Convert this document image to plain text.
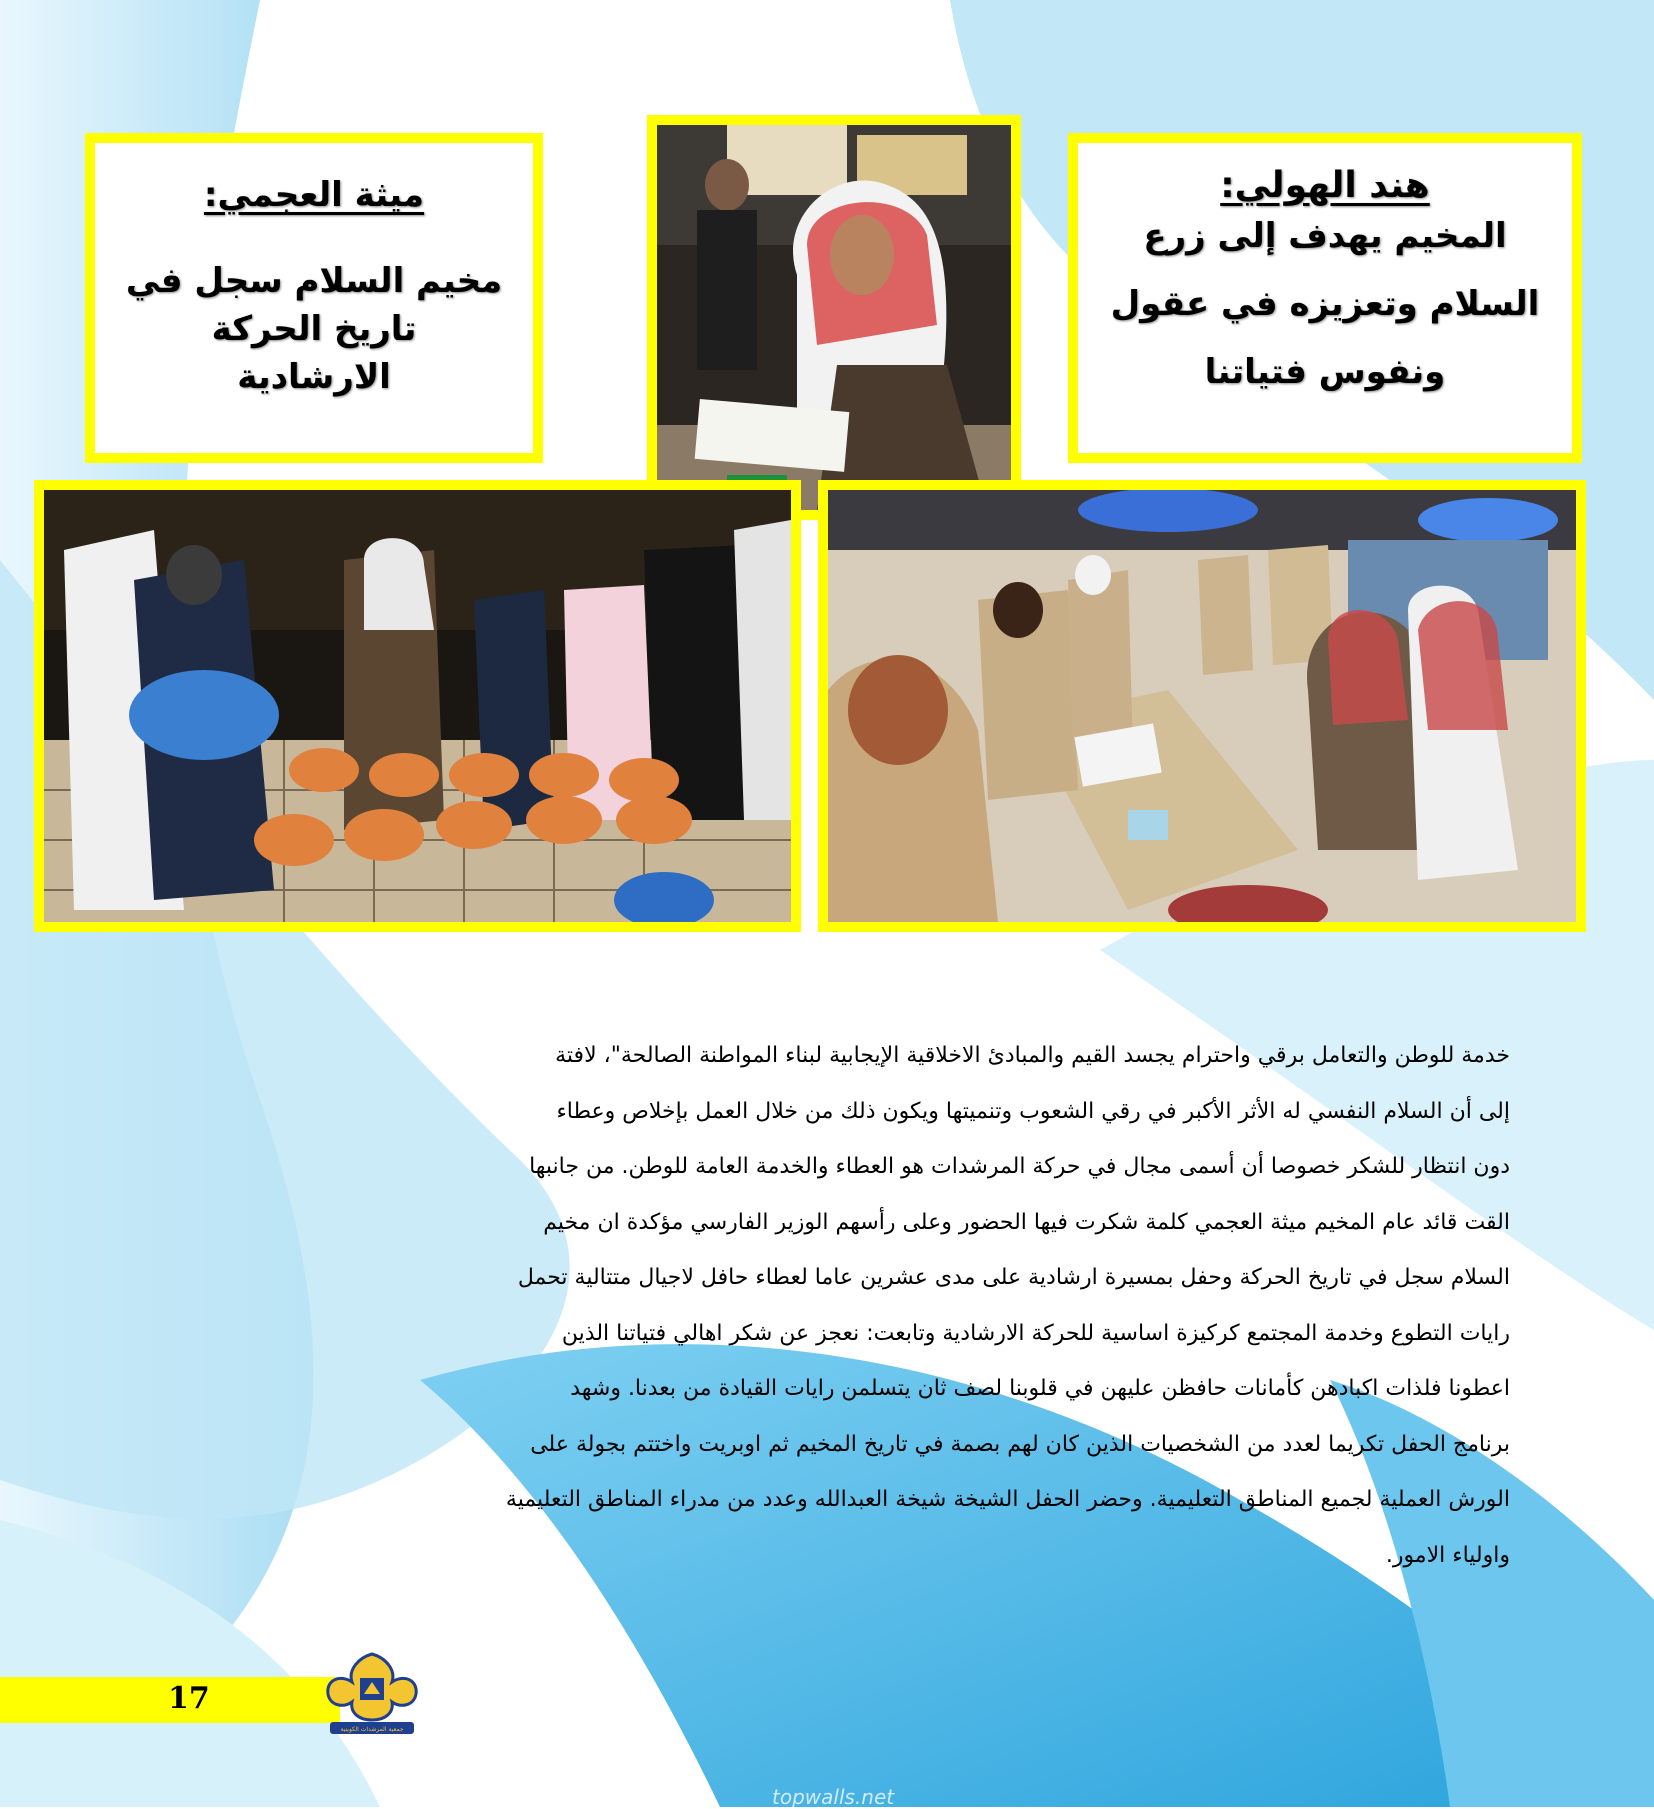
هند الهولي:
المخيم يهدف إلى زرع
السلام وتعزيزه في عقول
ونفوس فتياتنا
ميثة العجمي:
مخيم السلام سجل في
تاريخ الحركة
الارشادية
خدمة للوطن والتعامل برقي واحترام يجسد القيم والمبادئ الاخلاقية الإيجابية لبناء المواطنة الصالحة"، لافتة
إلى أن السلام النفسي له الأثر الأكبر في رقي الشعوب وتنميتها ويكون ذلك من خلال العمل بإخلاص وعطاء
دون انتظار للشكر خصوصا أن أسمى مجال في حركة المرشدات هو العطاء والخدمة العامة للوطن. من جانبها
القت قائد عام المخيم ميثة العجمي كلمة شكرت فيها الحضور وعلى رأسهم الوزير الفارسي مؤكدة ان مخيم
السلام سجل في تاريخ الحركة وحفل بمسيرة ارشادية على مدى عشرين عاما لعطاء حافل لاجيال متتالية تحمل
رايات التطوع وخدمة المجتمع كركيزة اساسية للحركة الارشادية وتابعت: نعجز عن شكر اهالي فتياتنا الذين
اعطونا فلذات اكبادهن كأمانات حافظن عليهن في قلوبنا لصف ثان يتسلمن رايات القيادة من بعدنا. وشهد
برنامج الحفل تكريما لعدد من الشخصيات الذين كان لهم بصمة في تاريخ المخيم ثم اوبريت واختتم بجولة على
الورش العملية لجميع المناطق التعليمية. وحضر الحفل الشيخة شيخة العبدالله وعدد من مدراء المناطق التعليمية
واولياء الامور.
17
جمعية المرشدات الكويتية
topwalls.net
